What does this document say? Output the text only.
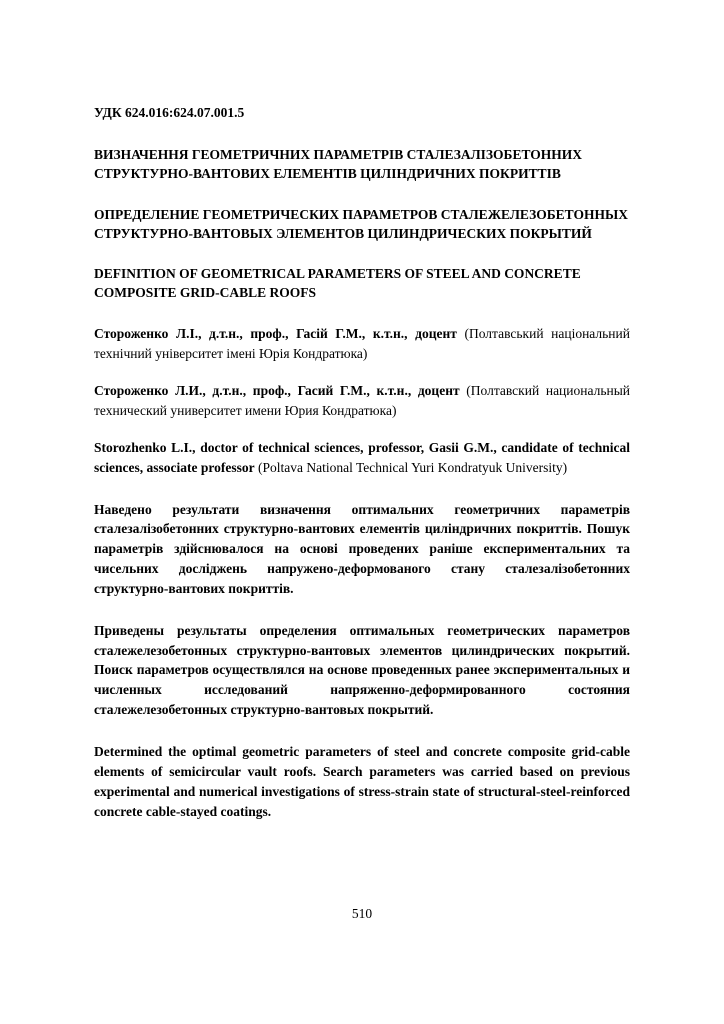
УДК 624.016:624.07.001.5
ВИЗНАЧЕННЯ ГЕОМЕТРИЧНИХ ПАРАМЕТРІВ СТАЛЕЗАЛІЗОБЕТОННИХ СТРУКТУРНО-ВАНТОВИХ ЕЛЕМЕНТІВ ЦИЛІНДРИЧНИХ ПОКРИТТІВ
ОПРЕДЕЛЕНИЕ ГЕОМЕТРИЧЕСКИХ ПАРАМЕТРОВ СТАЛЕЖЕЛЕЗОБЕТОННЫХ СТРУКТУРНО-ВАНТОВЫХ ЭЛЕМЕНТОВ ЦИЛИНДРИЧЕСКИХ ПОКРЫТИЙ
DEFINITION OF GEOMETRICAL PARAMETERS OF STEEL AND CONCRETE COMPOSITE GRID-CABLE ROOFS
Стороженко Л.І., д.т.н., проф., Гасій Г.М., к.т.н., доцент (Полтавський національний технічний університет імені Юрія Кондратюка)
Стороженко Л.И., д.т.н., проф., Гасий Г.М., к.т.н., доцент (Полтавский национальный технический университет имени Юрия Кондратюка)
Storozhenko L.I., doctor of technical sciences, professor, Gasii G.M., candidate of technical sciences, associate professor (Poltava National Technical Yuri Kondratyuk University)
Наведено результати визначення оптимальних геометричних параметрів сталезалізобетонних структурно-вантових елементів циліндричних покриттів. Пошук параметрів здійснювалося на основі проведених раніше експериментальних та чисельних досліджень напружено-деформованого стану сталезалізобетонних структурно-вантових покриттів.
Приведены результаты определения оптимальных геометрических параметров сталежелезобетонных структурно-вантовых элементов цилиндрических покрытий. Поиск параметров осуществлялся на основе проведенных ранее экспериментальных и численных исследований напряженно-деформированного состояния сталежелезобетонных структурно-вантовых покрытий.
Determined the optimal geometric parameters of steel and concrete composite grid-cable elements of semicircular vault roofs. Search parameters was carried based on previous experimental and numerical investigations of stress-strain state of structural-steel-reinforced concrete cable-stayed coatings.
510
